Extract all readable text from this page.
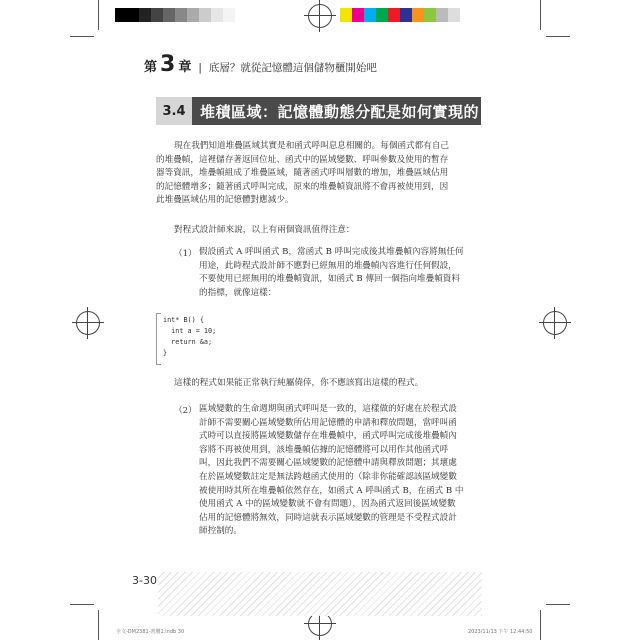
第 3 章 | 底層？就從記憶體這個儲物櫃開始吧
3.4 堆積區域：記憶體動態分配是如何實現的
現在我們知道堆疊區域其實是和函式呼叫息息相關的。每個函式都有自己
的堆疊幀，這裡儲存著返回位址、函式中的區域變數、呼叫參數及使用的暫存
器等資訊，堆疊幀組成了堆疊區域，隨著函式呼叫層數的增加，堆疊區域佔用
的記憶體增多；隨著函式呼叫完成，原來的堆疊幀資訊將不會再被使用到，因
此堆疊區域佔用的記憶體對應減少。
對程式設計師來說，以上有兩個資訊值得注意：
（1） 假設函式 A 呼叫函式 B，當函式 B 呼叫完成後其堆疊幀內容將無任何
用途，此時程式設計師不應對已經無用的堆疊幀內容進行任何假設，
不要使用已經無用的堆疊幀資訊，如函式 B 傳回一個指向堆疊幀資料
的指標，就像這樣：
int* B() {
int a = 10;
return &a;
}
這樣的程式如果能正常執行純屬僥倖，你不應該寫出這樣的程式。
（2） 區域變數的生命週期與函式呼叫是一致的，這樣做的好處在於程式設
計師不需要關心區域變數所佔用記憶體的申請和釋放問題，當呼叫函
式時可以直接將區域變數儲存在堆疊幀中，函式呼叫完成後堆疊幀內
容將不再被使用到，該堆疊幀佔據的記憶體將可以用作其他函式呼
叫，因此我們不需要關心區域變數的記憶體申請與釋放問題；其壞處
在於區域變數註定是無法跨越函式使用的（除非你能確認該區域變數
被使用時其所在堆疊幀依然存在，如函式 A 呼叫函式 B，在函式 B 中
使用函式 A 中的區域變數就不會有問題），因為函式返回後區域變數
佔用的記憶體將無效，同時這就表示區域變數的管理是不受程式設計
師控制的。
3-30
全文-DM2381-書腰1.indb 30	2023/11/13 下午 12:44:50
